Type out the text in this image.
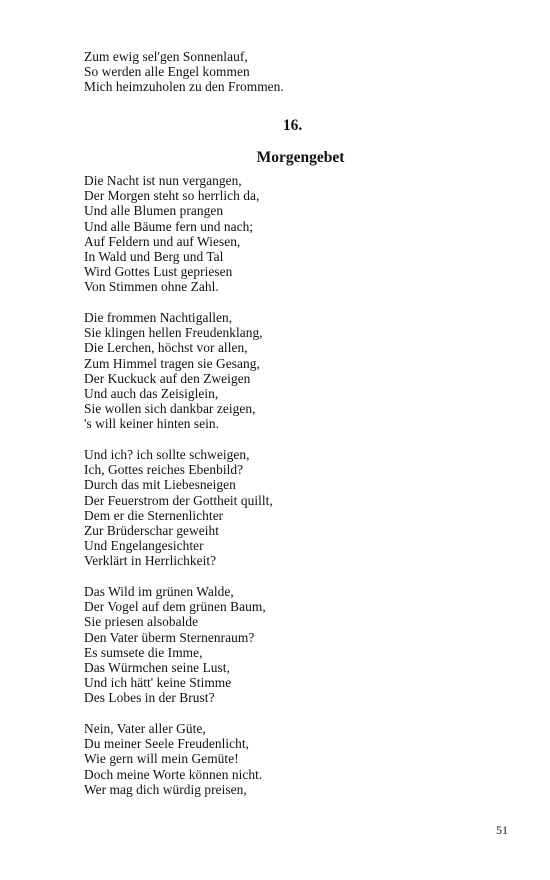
Zum ewig sel'gen Sonnenlauf,
So werden alle Engel kommen
Mich heimzuholen zu den Frommen.
16.
Morgengebet
Die Nacht ist nun vergangen,
Der Morgen steht so herrlich da,
Und alle Blumen prangen
Und alle Bäume fern und nach;
Auf Feldern und auf Wiesen,
In Wald und Berg und Tal
Wird Gottes Lust gepriesen
Von Stimmen ohne Zahl.
Die frommen Nachtigallen,
Sie klingen hellen Freudenklang,
Die Lerchen, höchst vor allen,
Zum Himmel tragen sie Gesang,
Der Kuckuck auf den Zweigen
Und auch das Zeisiglein,
Sie wollen sich dankbar zeigen,
's will keiner hinten sein.
Und ich? ich sollte schweigen,
Ich, Gottes reiches Ebenbild?
Durch das mit Liebesneigen
Der Feuerstrom der Gottheit quillt,
Dem er die Sternenlichter
Zur Brüderschar geweiht
Und Engelangesichter
Verklärt in Herrlichkeit?
Das Wild im grünen Walde,
Der Vogel auf dem grünen Baum,
Sie priesen alsobalde
Den Vater überm Sternenraum?
Es sumsete die Imme,
Das Würmchen seine Lust,
Und ich hätt' keine Stimme
Des Lobes in der Brust?
Nein, Vater aller Güte,
Du meiner Seele Freudenlicht,
Wie gern will mein Gemüte!
Doch meine Worte können nicht.
Wer mag dich würdig preisen,
51
